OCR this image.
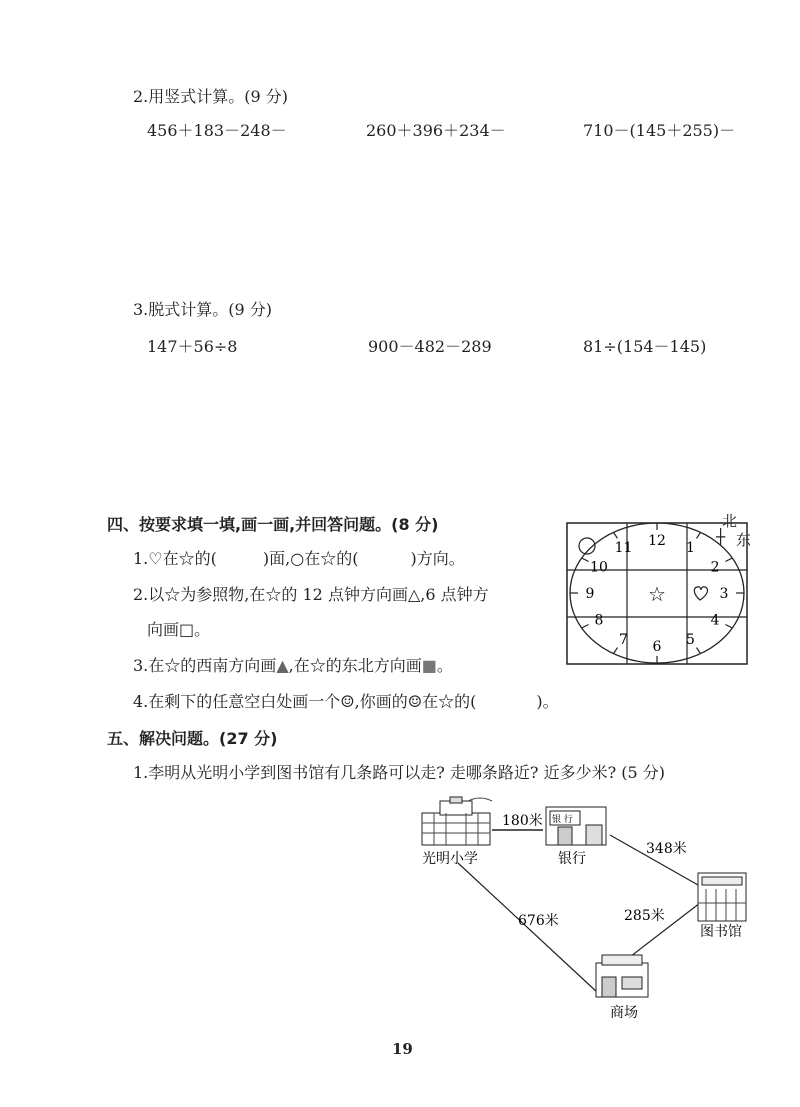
2.用竖式计算。(9 分)
456＋183－248－	260＋396＋234－	710－(145＋255)－
3.脱式计算。(9 分)
147＋56÷8	900－482－289	81÷(154－145)
四、按要求填一填,画一画,并回答问题。(8 分)
1.♡在☆的(	)面,○在☆的(	)方向。
2.以☆为参照物,在☆的 12 点钟方向画△,6 点钟方
向画□。
3.在☆的西南方向画▲,在☆的东北方向画■。
4.在剩下的任意空白处画一个☺,你画的☺在☆的(	)。
12 1
2
3
4
5
6
7
8
9
10
11
☆
北
┼ 东
五、解决问题。(27 分)
1.李明从光明小学到图书馆有几条路可以走? 走哪条路近? 近多少米? (5 分)
光明小学
银 行
银行
图书馆
商场
180米
348米
676米	285米
19
